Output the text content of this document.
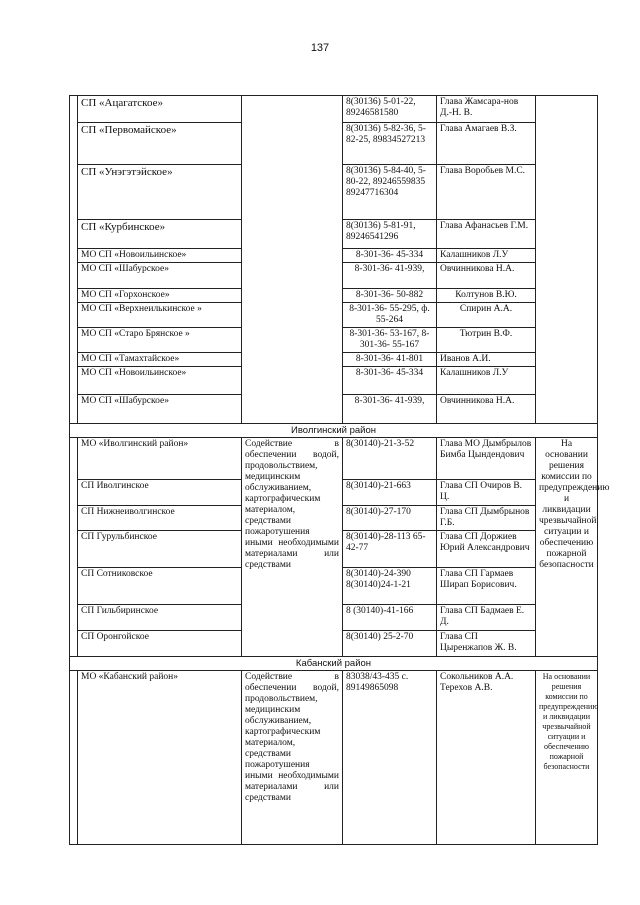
137
	СП «Ацагатское»		8(30136) 5-01-22, 89246581580	Глава Жамсара-нов Д.-Н. В.	
	СП «Первомайское»		8(30136) 5-82-36, 5-82-25, 89834527213	Глава Амагаев В.З.	
	СП «Унэгэтэйское»		8(30136) 5-84-40, 5-80-22, 89246559835 89247716304	Глава Воробьев М.С.	
	СП «Курбинское»		8(30136) 5-81-91, 89246541296	Глава Афанасьев Г.М.	
	МО СП «Новоильинское»		8-301-36- 45-334	Калашников Л.У	
	МО СП «Шабурское»		8-301-36- 41-939,	Овчинникова Н.А.	
	МО СП «Горхонское»		8-301-36- 50-882	Колтунов В.Ю.	
	МО СП «Верхнеилькинское »		8-301-36- 55-295, ф. 55-264	Спирин А.А.	
	МО СП «Старо Брянское »		8-301-36- 53-167, 8-301-36- 55-167	Тютрин В.Ф.	
	МО СП «Тамахтайское»		8-301-36- 41-801	Иванов А.И.	
	МО СП «Новоильинское»		8-301-36- 45-334	Калашников Л.У	
	МО СП «Шабурское»		8-301-36- 41-939,	Овчинникова Н.А.	
Иволгинский район					
	МО «Иволгинский район»	Содействие в обеспечении водой, продовольствием, медицинским обслуживанием, картографическим материалом, средствами пожаротушения иными необходимыми материалами или средствами	8(30140)-21-3-52	Глава МО Дымбрылов Бимба Цындендович	На основании решения комиссии по предупреждению и ликвидации чрезвычайной ситуации и обеспечению пожарной безопасности
	СП Иволгинское		8(30140)-21-663	Глава СП Очиров В. Ц.	
	СП Нижнеиволгинское		8(30140)-27-170	Глава СП Дымбрынов Г.Б.	
	СП Гурульбинское		8(30140)-28-113 65-42-77	Глава СП Доржиев Юрий Александрович	
	СП Сотниковское		8(30140)-24-390 8(30140)24-1-21	Глава СП Гармаев Ширап Борисович.	
	СП Гильбиринское		8 (30140)-41-166	Глава СП Бадмаев Е. Д.	
	СП Оронгойское		8(30140) 25-2-70	Глава СП Цыренжапов Ж. В.	
Кабанский район					
	МО «Кабанский район»	Содействие в обеспечении водой, продовольствием, медицинским обслуживанием, картографическим материалом, средствами пожаротушения иными необходимыми материалами или средствами	83038/43-435 с. 89149865098	Сокольников А.А. Терехов А.В.	На основании решения комиссии по предупреждению и ликвидации чрезвычайной ситуации и обеспечению пожарной безопасности
